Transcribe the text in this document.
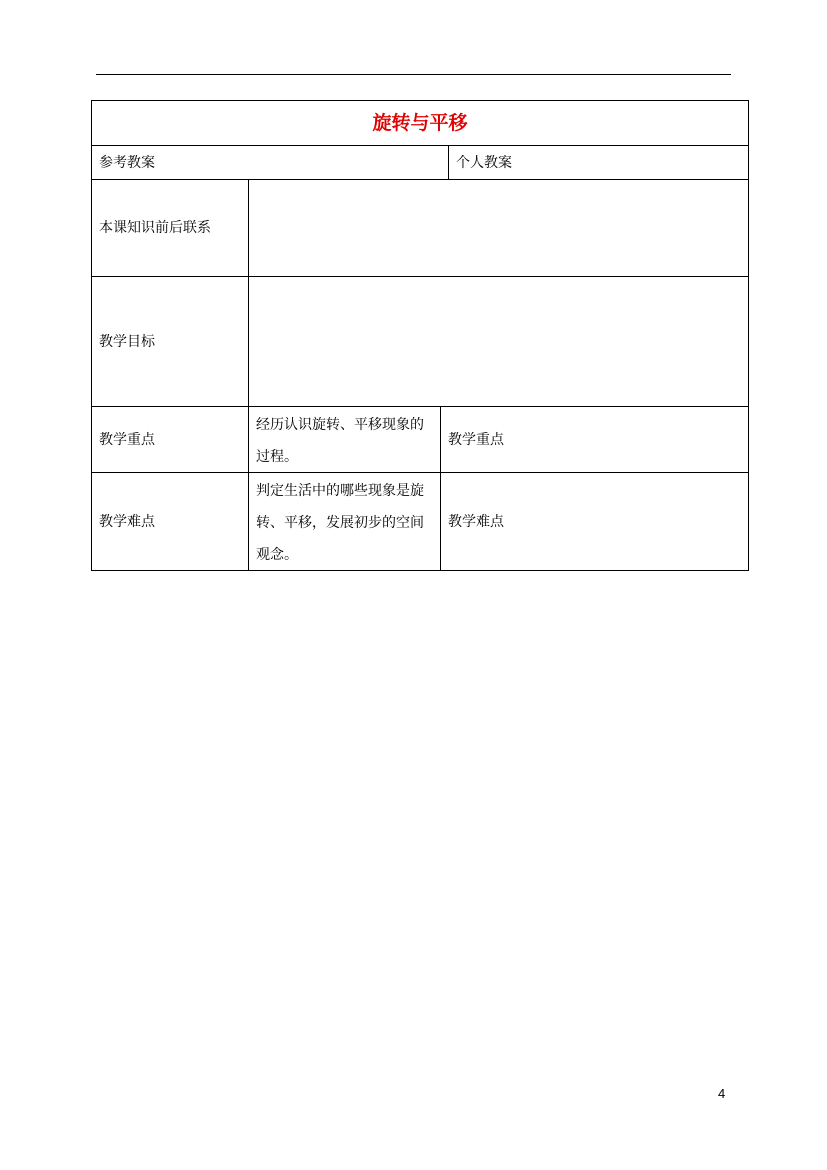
旋转与平移
参考教案	个人教案
本课知识前后联系
教学目标
教学重点
经历认识旋转、平移现象的过程。
教学重点
教学难点
判定生活中的哪些现象是旋转、平移，发展初步的空间观念。
教学难点
4
